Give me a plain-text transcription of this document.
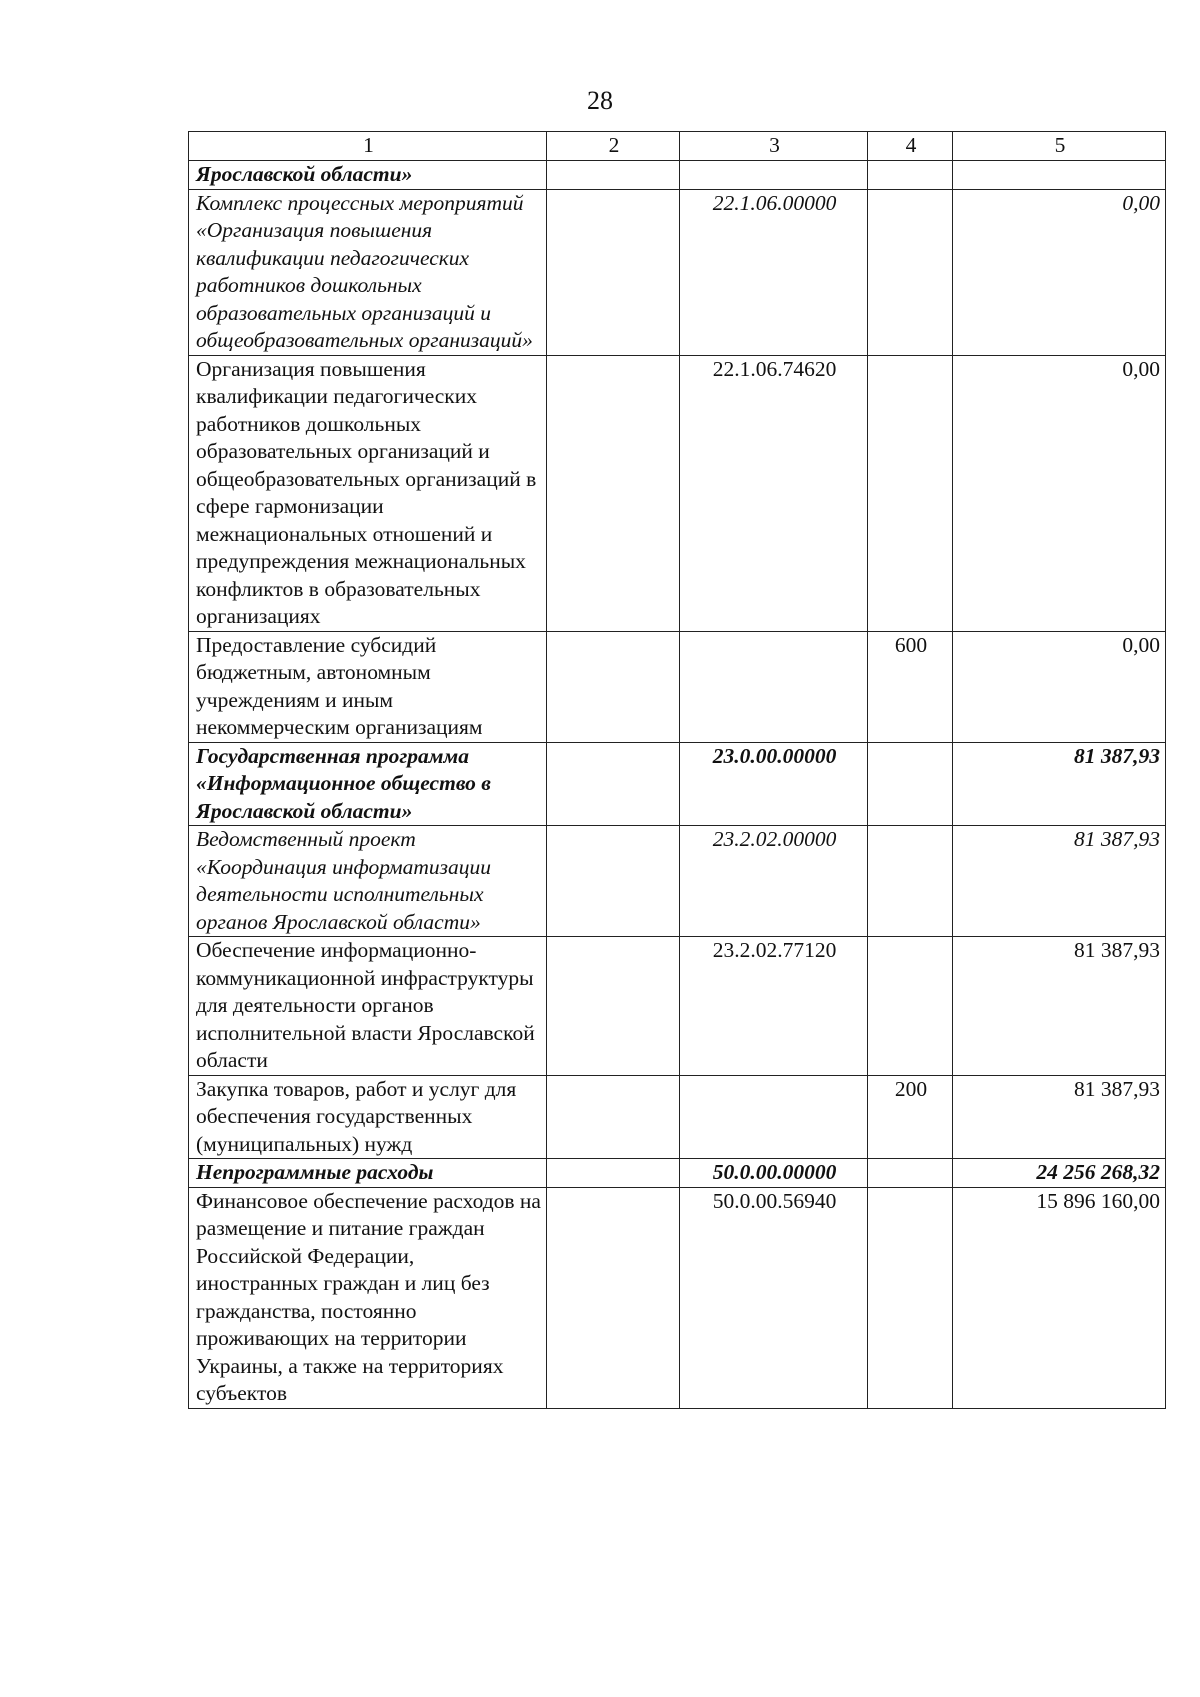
28
1	2	3	4	5
Ярославской области»				
Комплекс процессных мероприятий «Организация повышения квалификации педагогических работников дошкольных образовательных организаций и общеобразовательных организаций»		22.1.06.00000		0,00
Организация повышения квалификации педагогических работников дошкольных образовательных организаций и общеобразовательных организаций в сфере гармонизации межнациональных отношений и предупреждения межнациональных конфликтов в образовательных организациях		22.1.06.74620		0,00
Предоставление субсидий бюджетным, автономным учреждениям и иным некоммерческим организациям			600	0,00
Государственная программа «Информационное общество в Ярославской области»		23.0.00.00000		81 387,93
Ведомственный проект «Координация информатизации деятельности исполнительных органов Ярославской области»		23.2.02.00000		81 387,93
Обеспечение информационно-коммуникационной инфраструктуры для деятельности органов исполнительной власти Ярославской области		23.2.02.77120		81 387,93
Закупка товаров, работ и услуг для обеспечения государственных (муниципальных) нужд			200	81 387,93
Непрограммные расходы		50.0.00.00000		24 256 268,32
Финансовое обеспечение расходов на размещение и питание граждан Российской Федерации, иностранных граждан и лиц без гражданства, постоянно проживающих на территории Украины, а также на территориях субъектов		50.0.00.56940		15 896 160,00
